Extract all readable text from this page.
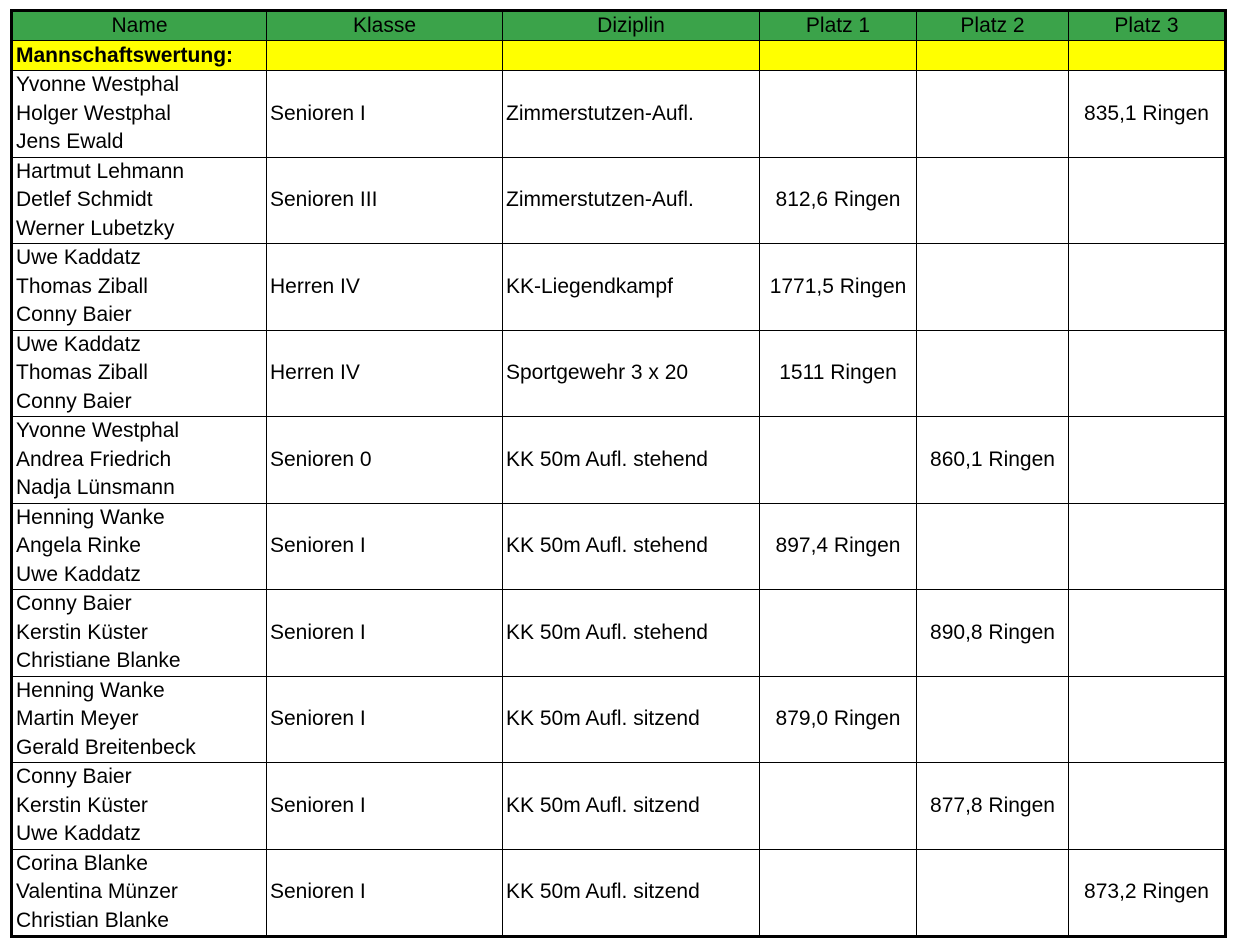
Name	Klasse	Diziplin	Platz 1	Platz 2	Platz 3
Mannschaftswertung:					

Yvonne Westphal
Holger Westphal
Jens Ewald	Senioren I	Zimmerstutzen-Aufl.			835,1 Ringen

Hartmut Lehmann
Detlef Schmidt
Werner Lubetzky	Senioren III	Zimmerstutzen-Aufl.	812,6 Ringen		

Uwe Kaddatz
Thomas Ziball
Conny Baier	Herren IV	KK-Liegendkampf	1771,5 Ringen		

Uwe Kaddatz
Thomas Ziball
Conny Baier	Herren IV	Sportgewehr 3 x 20	1511 Ringen		

Yvonne Westphal
Andrea Friedrich
Nadja Lünsmann	Senioren 0	KK 50m Aufl. stehend		860,1 Ringen	

Henning Wanke
Angela Rinke
Uwe Kaddatz	Senioren I	KK 50m Aufl. stehend	897,4 Ringen		

Conny Baier
Kerstin Küster
Christiane Blanke	Senioren I	KK 50m Aufl. stehend		890,8 Ringen	

Henning Wanke
Martin Meyer
Gerald Breitenbeck	Senioren I	KK 50m Aufl. sitzend	879,0 Ringen		

Conny Baier
Kerstin Küster
Uwe Kaddatz	Senioren I	KK 50m Aufl. sitzend		877,8 Ringen	

Corina Blanke
Valentina Münzer
Christian Blanke	Senioren I	KK 50m Aufl. sitzend			873,2 Ringen
